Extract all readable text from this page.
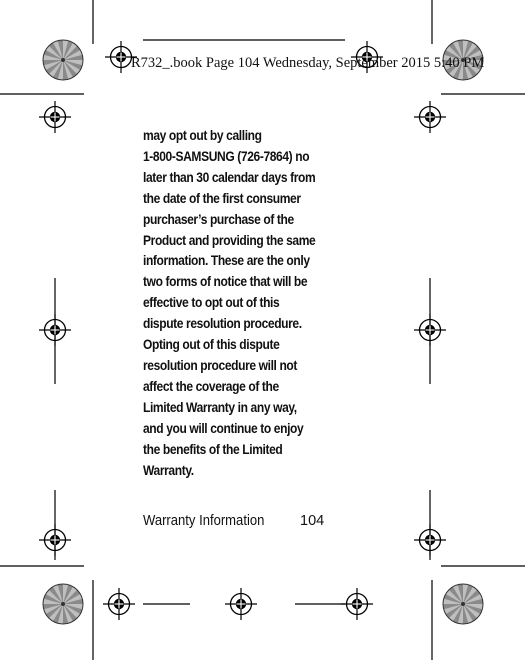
R732_.book Page 104 Wednesday, September 2015 5:40 PM

may opt out by calling
1-800-SAMSUNG (726-7864) no
later than 30 calendar days from
the date of the first consumer
purchaser’s purchase of the
Product and providing the same
information. These are the only
two forms of notice that will be
effective to opt out of this
dispute resolution procedure.
Opting out of this dispute
resolution procedure will not
affect the coverage of the
Limited Warranty in any way,
and you will continue to enjoy
the benefits of the Limited
Warranty.

Warranty Information 104
